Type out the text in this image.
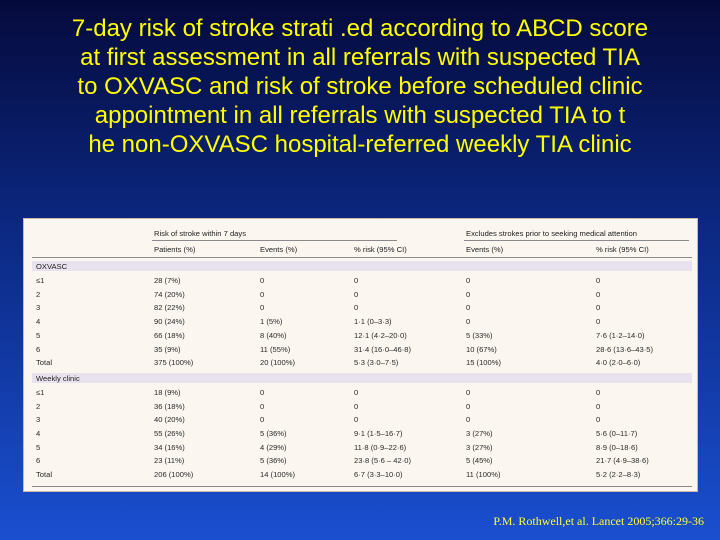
7-day risk of stroke strati .ed according to ABCD score
at first assessment in all referrals with suspected TIA
to OXVASC and risk of stroke before scheduled clinic
appointment in all referrals with suspected TIA to t
he non-OXVASC hospital-referred weekly TIA clinic
Risk of stroke within 7 days	Excludes strokes prior to seeking medical attention
Patients (%)	Events (%)	% risk (95% CI)	Events (%)	% risk (95% CI)
OXVASC
≤1	28 (7%)	0	0	0	0
2	74 (20%)	0	0	0	0
3	82 (22%)	0	0	0	0
4	90 (24%)	1 (5%)	1·1 (0–3·3)	0	0
5	66 (18%)	8 (40%)	12·1 (4·2–20·0)	5 (33%)	7·6 (1·2–14·0)
6	35 (9%)	11 (55%)	31·4 (16·0–46·8)	10 (67%)	28·6 (13·6–43·5)
Total	375 (100%)	20 (100%)	5·3 (3·0–7·5)	15 (100%)	4·0 (2·0–6·0)
Weekly clinic
≤1	18 (9%)	0	0	0	0
2	36 (18%)	0	0	0	0
3	40 (20%)	0	0	0	0
4	55 (26%)	5 (36%)	9·1 (1·5–16·7)	3 (27%)	5·6 (0–11·7)
5	34 (16%)	4 (29%)	11·8 (0·9–22·6)	3 (27%)	8·9 (0–18·6)
6	23 (11%)	5 (36%)	23·8 (5·6 – 42·0)	5 (45%)	21·7 (4·9–38·6)
Total	206 (100%)	14 (100%)	6·7 (3·3–10·0)	11 (100%)	5·2 (2·2–8·3)
P.M. Rothwell,et al. Lancet 2005;366:29-36
